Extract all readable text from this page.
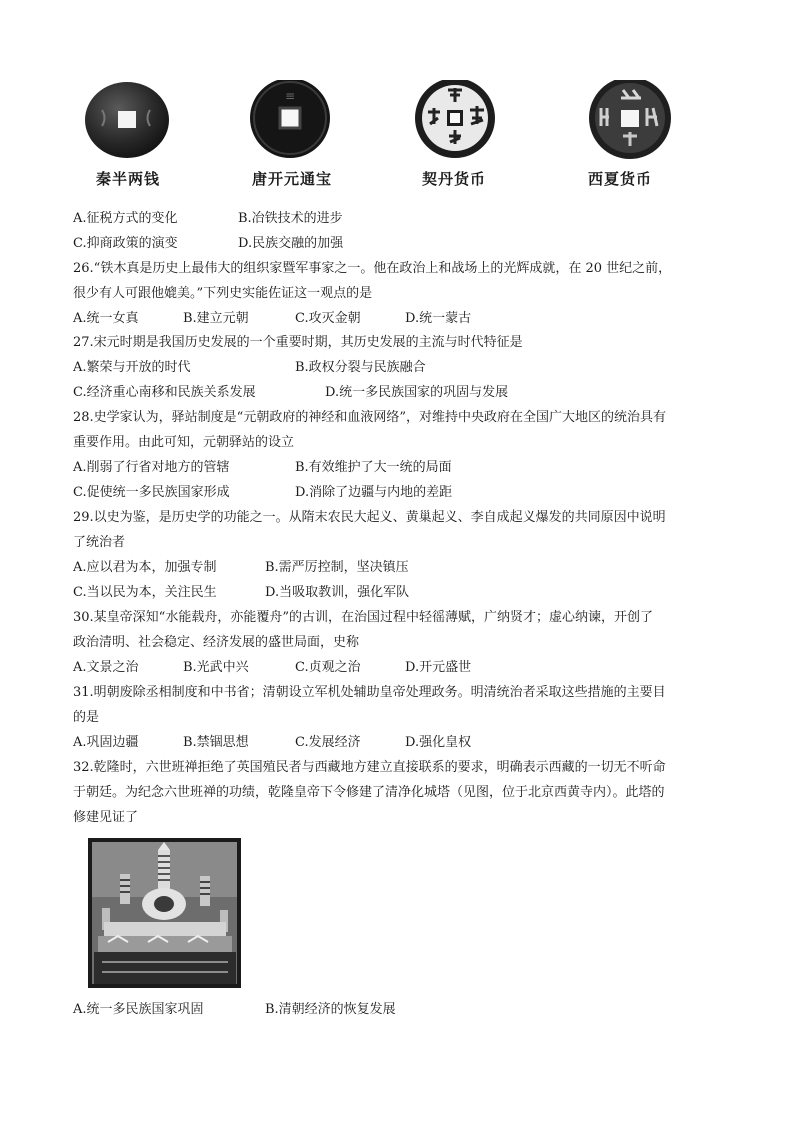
秦半两钱
≡
唐开元通宝	契丹货币	西夏货币
A.征税方式的变化	B.冶铁技术的进步
C.抑商政策的演变	D.民族交融的加强
26.“铁木真是历史上最伟大的组织家暨军事家之一。他在政治上和战场上的光辉成就，在 20 世纪之前，
很少有人可跟他媲美。”下列史实能佐证这一观点的是
A.统一女真	B.建立元朝	C.攻灭金朝	D.统一蒙古
27.宋元时期是我国历史发展的一个重要时期，其历史发展的主流与时代特征是
A.繁荣与开放的时代	B.政权分裂与民族融合
C.经济重心南移和民族关系发展	D.统一多民族国家的巩固与发展
28.史学家认为，驿站制度是“元朝政府的神经和血液网络”，对维持中央政府在全国广大地区的统治具有
重要作用。由此可知，元朝驿站的设立
A.削弱了行省对地方的管辖	B.有效维护了大一统的局面
C.促使统一多民族国家形成	D.消除了边疆与内地的差距
29.以史为鉴，是历史学的功能之一。从隋末农民大起义、黄巢起义、李自成起义爆发的共同原因中说明
了统治者
A.应以君为本，加强专制	B.需严厉控制，坚决镇压
C.当以民为本，关注民生	D.当吸取教训，强化军队
30.某皇帝深知“水能载舟，亦能覆舟”的古训，在治国过程中轻徭薄赋，广纳贤才；虚心纳谏，开创了
政治清明、社会稳定、经济发展的盛世局面，史称
A.文景之治	B.光武中兴	C.贞观之治	D.开元盛世
31.明朝废除丞相制度和中书省；清朝设立军机处辅助皇帝处理政务。明清统治者采取这些措施的主要目
的是
A.巩固边疆	B.禁锢思想	C.发展经济	D.强化皇权
32.乾隆时，六世班禅拒绝了英国殖民者与西藏地方建立直接联系的要求，明确表示西藏的一切无不听命
于朝廷。为纪念六世班禅的功绩，乾隆皇帝下令修建了清净化城塔（见图，位于北京西黄寺内）。此塔的
修建见证了
A.统一多民族国家巩固	B.清朝经济的恢复发展
